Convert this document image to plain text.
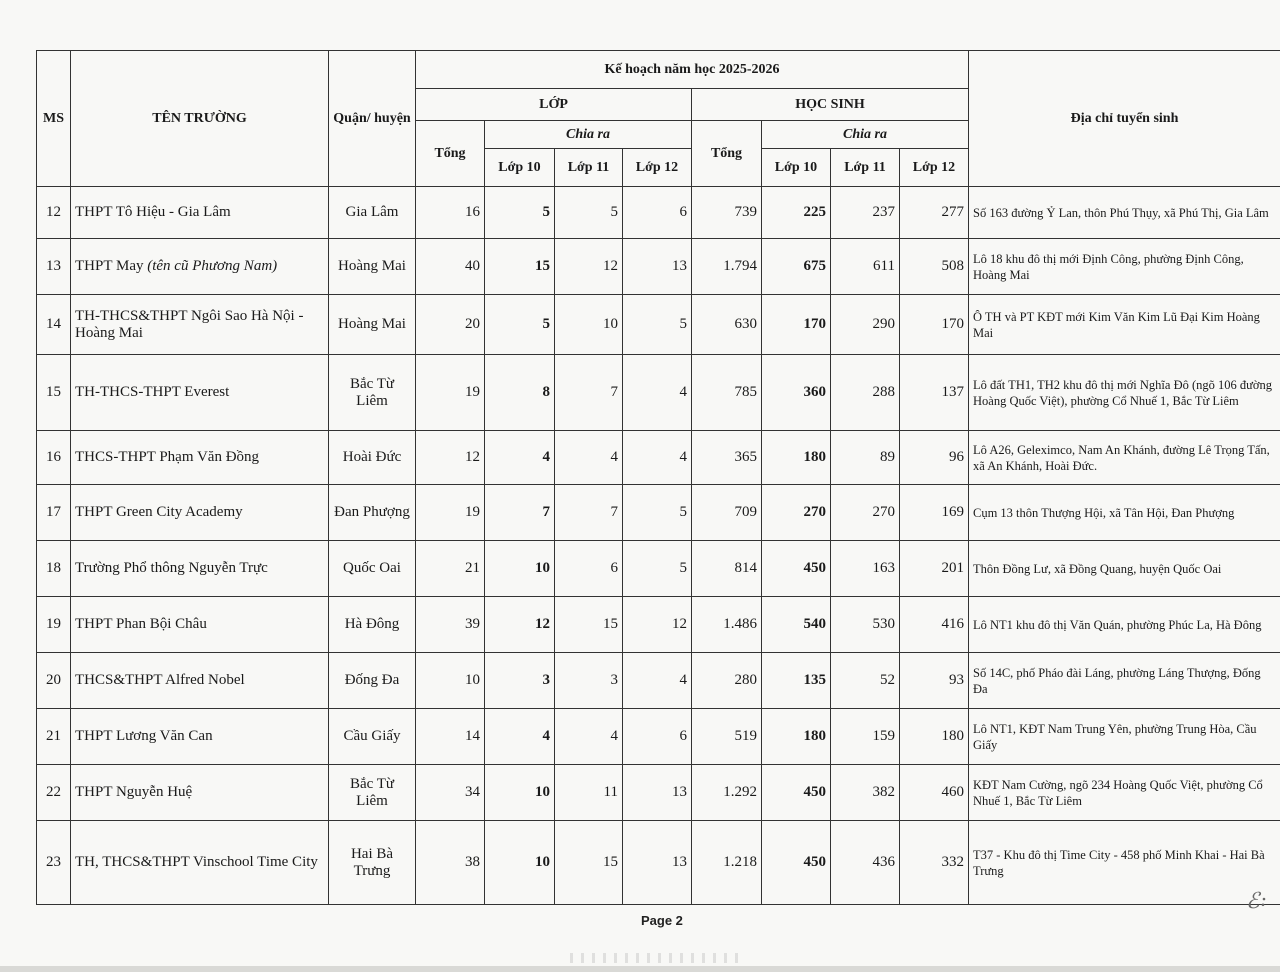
MS	TÊN TRƯỜNG	Quận/ huyện	Kế hoạch năm học 2025-2026								Địa chỉ tuyển sinh
			LỚP				HỌC SINH				
			Tổng	Chia ra			Tổng	Chia ra			
				Lớp 10	Lớp 11	Lớp 12		Lớp 10	Lớp 11	Lớp 12	
12	THPT Tô Hiệu - Gia Lâm	Gia Lâm	16	5	5	6	739	225	237	277	Số 163 đường Ỷ Lan, thôn Phú Thụy, xã Phú Thị, Gia Lâm
13	THPT May (tên cũ Phương Nam)	Hoàng Mai	40	15	12	13	1.794	675	611	508	Lô 18 khu đô thị mới Định Công, phường Định Công, Hoàng Mai
14	TH-THCS&THPT Ngôi Sao Hà Nội - Hoàng Mai	Hoàng Mai	20	5	10	5	630	170	290	170	Ô TH và PT KĐT mới Kim Văn Kim Lũ Đại Kim Hoàng Mai
15	TH-THCS-THPT Everest	Bắc Từ Liêm	19	8	7	4	785	360	288	137	Lô đất TH1, TH2 khu đô thị mới Nghĩa Đô (ngõ 106 đường Hoàng Quốc Việt), phường Cổ Nhuế 1, Bắc Từ Liêm
16	THCS-THPT Phạm Văn Đồng	Hoài Đức	12	4	4	4	365	180	89	96	Lô A26, Geleximco, Nam An Khánh, đường Lê Trọng Tấn, xã An Khánh, Hoài Đức.
17	THPT Green City Academy	Đan Phượng	19	7	7	5	709	270	270	169	Cụm 13 thôn Thượng Hội, xã Tân Hội, Đan Phượng
18	Trường Phổ thông Nguyễn Trực	Quốc Oai	21	10	6	5	814	450	163	201	Thôn Đồng Lư, xã Đồng Quang, huyện Quốc Oai
19	THPT Phan Bội Châu	Hà Đông	39	12	15	12	1.486	540	530	416	Lô NT1 khu đô thị Văn Quán, phường Phúc La, Hà Đông
20	THCS&THPT Alfred Nobel	Đống Đa	10	3	3	4	280	135	52	93	Số 14C, phố Pháo đài Láng, phường Láng Thượng, Đống Đa
21	THPT Lương Văn Can	Cầu Giấy	14	4	4	6	519	180	159	180	Lô NT1, KĐT Nam Trung Yên, phường Trung Hòa, Cầu Giấy
22	THPT Nguyễn Huệ	Bắc Từ Liêm	34	10	11	13	1.292	450	382	460	KĐT Nam Cường, ngõ 234 Hoàng Quốc Việt, phường Cổ Nhuế 1, Bắc Từ Liêm
23	TH, THCS&THPT Vinschool Time City	Hai Bà Trưng	38	10	15	13	1.218	450	436	332	T37 - Khu đô thị Time City - 458 phố Minh Khai - Hai Bà Trưng
Page 2
ℰ꞉
